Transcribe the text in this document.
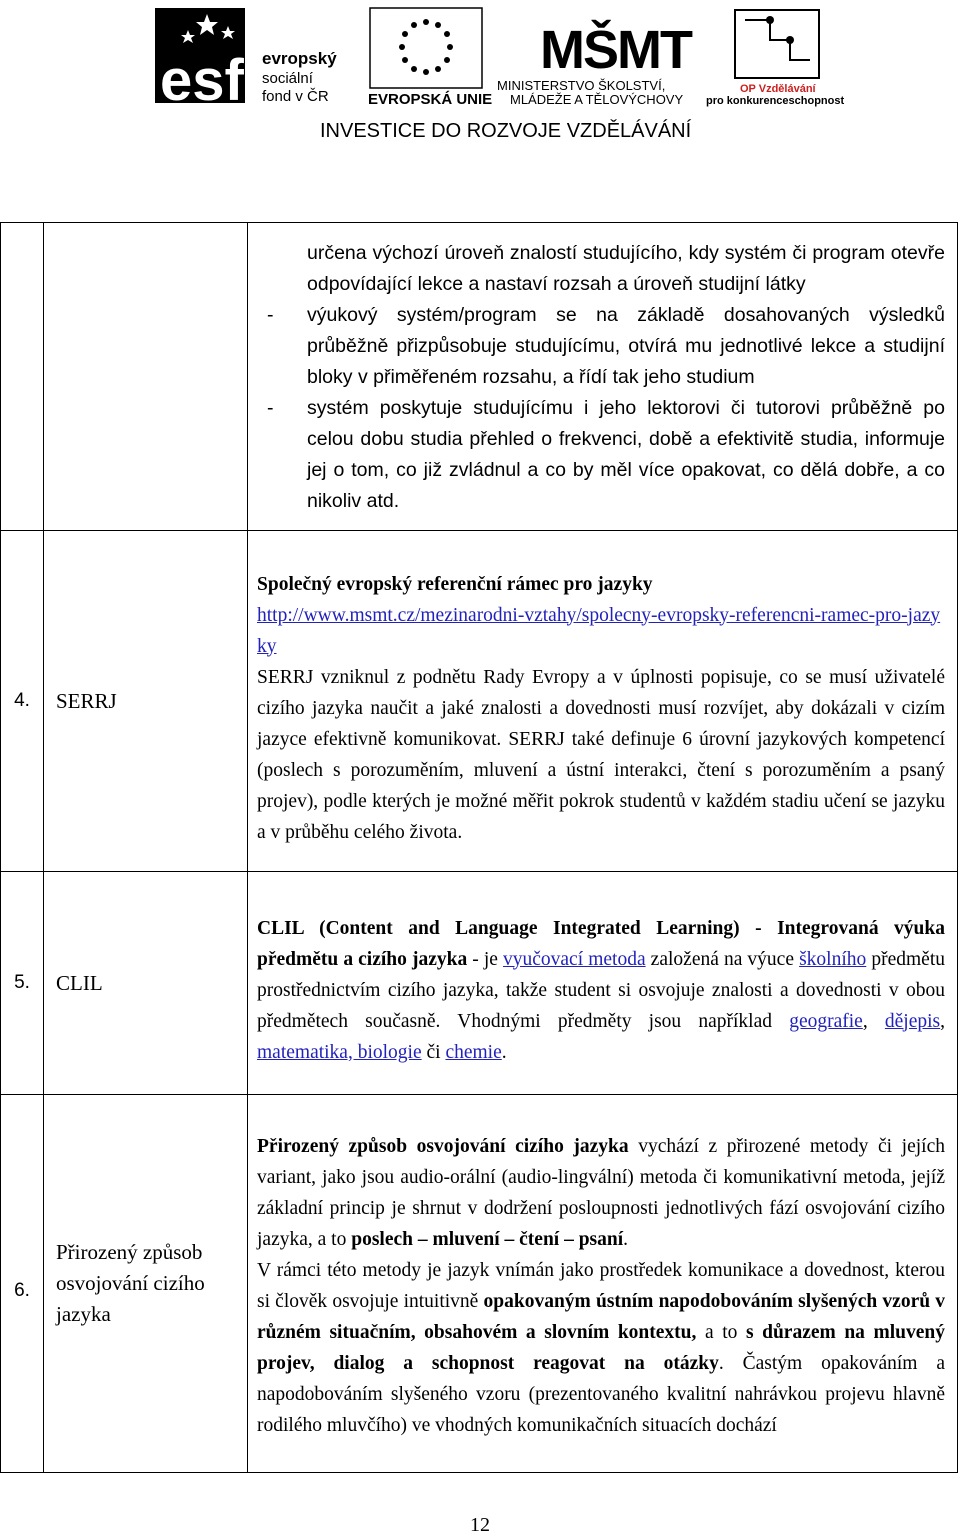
esf evropský
sociální
fond v ČR	EVROPSKÁ UNIE
MŠMT
MINISTERSTVO ŠKOLSTVÍ,
MLÁDEŽE A TĚLOVÝCHOVY
OP Vzdělávání
pro konkurenceschopnost
INVESTICE DO ROZVOJE VZDĚLÁVÁNÍ

		určena výchozí úroveň znalostí studujícího, kdy systém či program otevře odpovídající lekce a nastaví rozsah a úroveň studijní látky
- výukový systém/program se na základě dosahovaných výsledků průběžně přizpůsobuje studujícímu, otvírá mu jednotlivé lekce a studijní bloky v přiměřeném rozsahu, a řídí tak jeho studium
- systém poskytuje studujícímu i jeho lektorovi či tutorovi průběžně po celou dobu studia přehled o frekvenci, době a efektivitě studia, informuje jej o tom, co již zvládnul a co by měl více opakovat, co dělá dobře, a co nikoliv atd.

4.	SERRJ	Společný evropský referenční rámec pro jazyky
http://www.msmt.cz/mezinarodni-vztahy/spolecny-evropsky-referencni-ramec-pro-jazyky
SERRJ vzniknul z podnětu Rady Evropy a v úplnosti popisuje, co se musí uživatelé cizího jazyka naučit a jaké znalosti a dovednosti musí rozvíjet, aby dokázali v cizím jazyce efektivně komunikovat. SERRJ také definuje 6 úrovní jazykových kompetencí (poslech s porozuměním, mluvení a ústní interakci, čtení s porozuměním a psaný projev), podle kterých je možné měřit pokrok studentů v každém stadiu učení se jazyku a v průběhu celého života.

5.	CLIL	CLIL (Content and Language Integrated Learning) - Integrovaná výuka předmětu a cizího jazyka - je vyučovací metoda založená na výuce školního předmětu prostřednictvím cizího jazyka, takže student si osvojuje znalosti a dovednosti v obou předmětech současně. Vhodnými předměty jsou například geografie, dějepis, matematika, biologie či chemie.

6.	Přirozený způsob osvojování cizího jazyka	Přirozený způsob osvojování cizího jazyka vychází z přirozené metody či jejích variant, jako jsou audio-orální (audio-lingvální) metoda či komunikativní metoda, jejíž základní princip je shrnut v dodržení posloupnosti jednotlivých fází osvojování cizího jazyka, a to poslech – mluvení – čtení – psaní.
V rámci této metody je jazyk vnímán jako prostředek komunikace a dovednost, kterou si člověk osvojuje intuitivně opakovaným ústním napodobováním slyšených vzorů v různém situačním, obsahovém a slovním kontextu, a to s důrazem na mluvený projev, dialog a schopnost reagovat na otázky. Častým opakováním a napodobováním slyšeného vzoru (prezentovaného kvalitní nahrávkou projevu hlavně rodilého mluvčího) ve vhodných komunikačních situacích dochází
12
